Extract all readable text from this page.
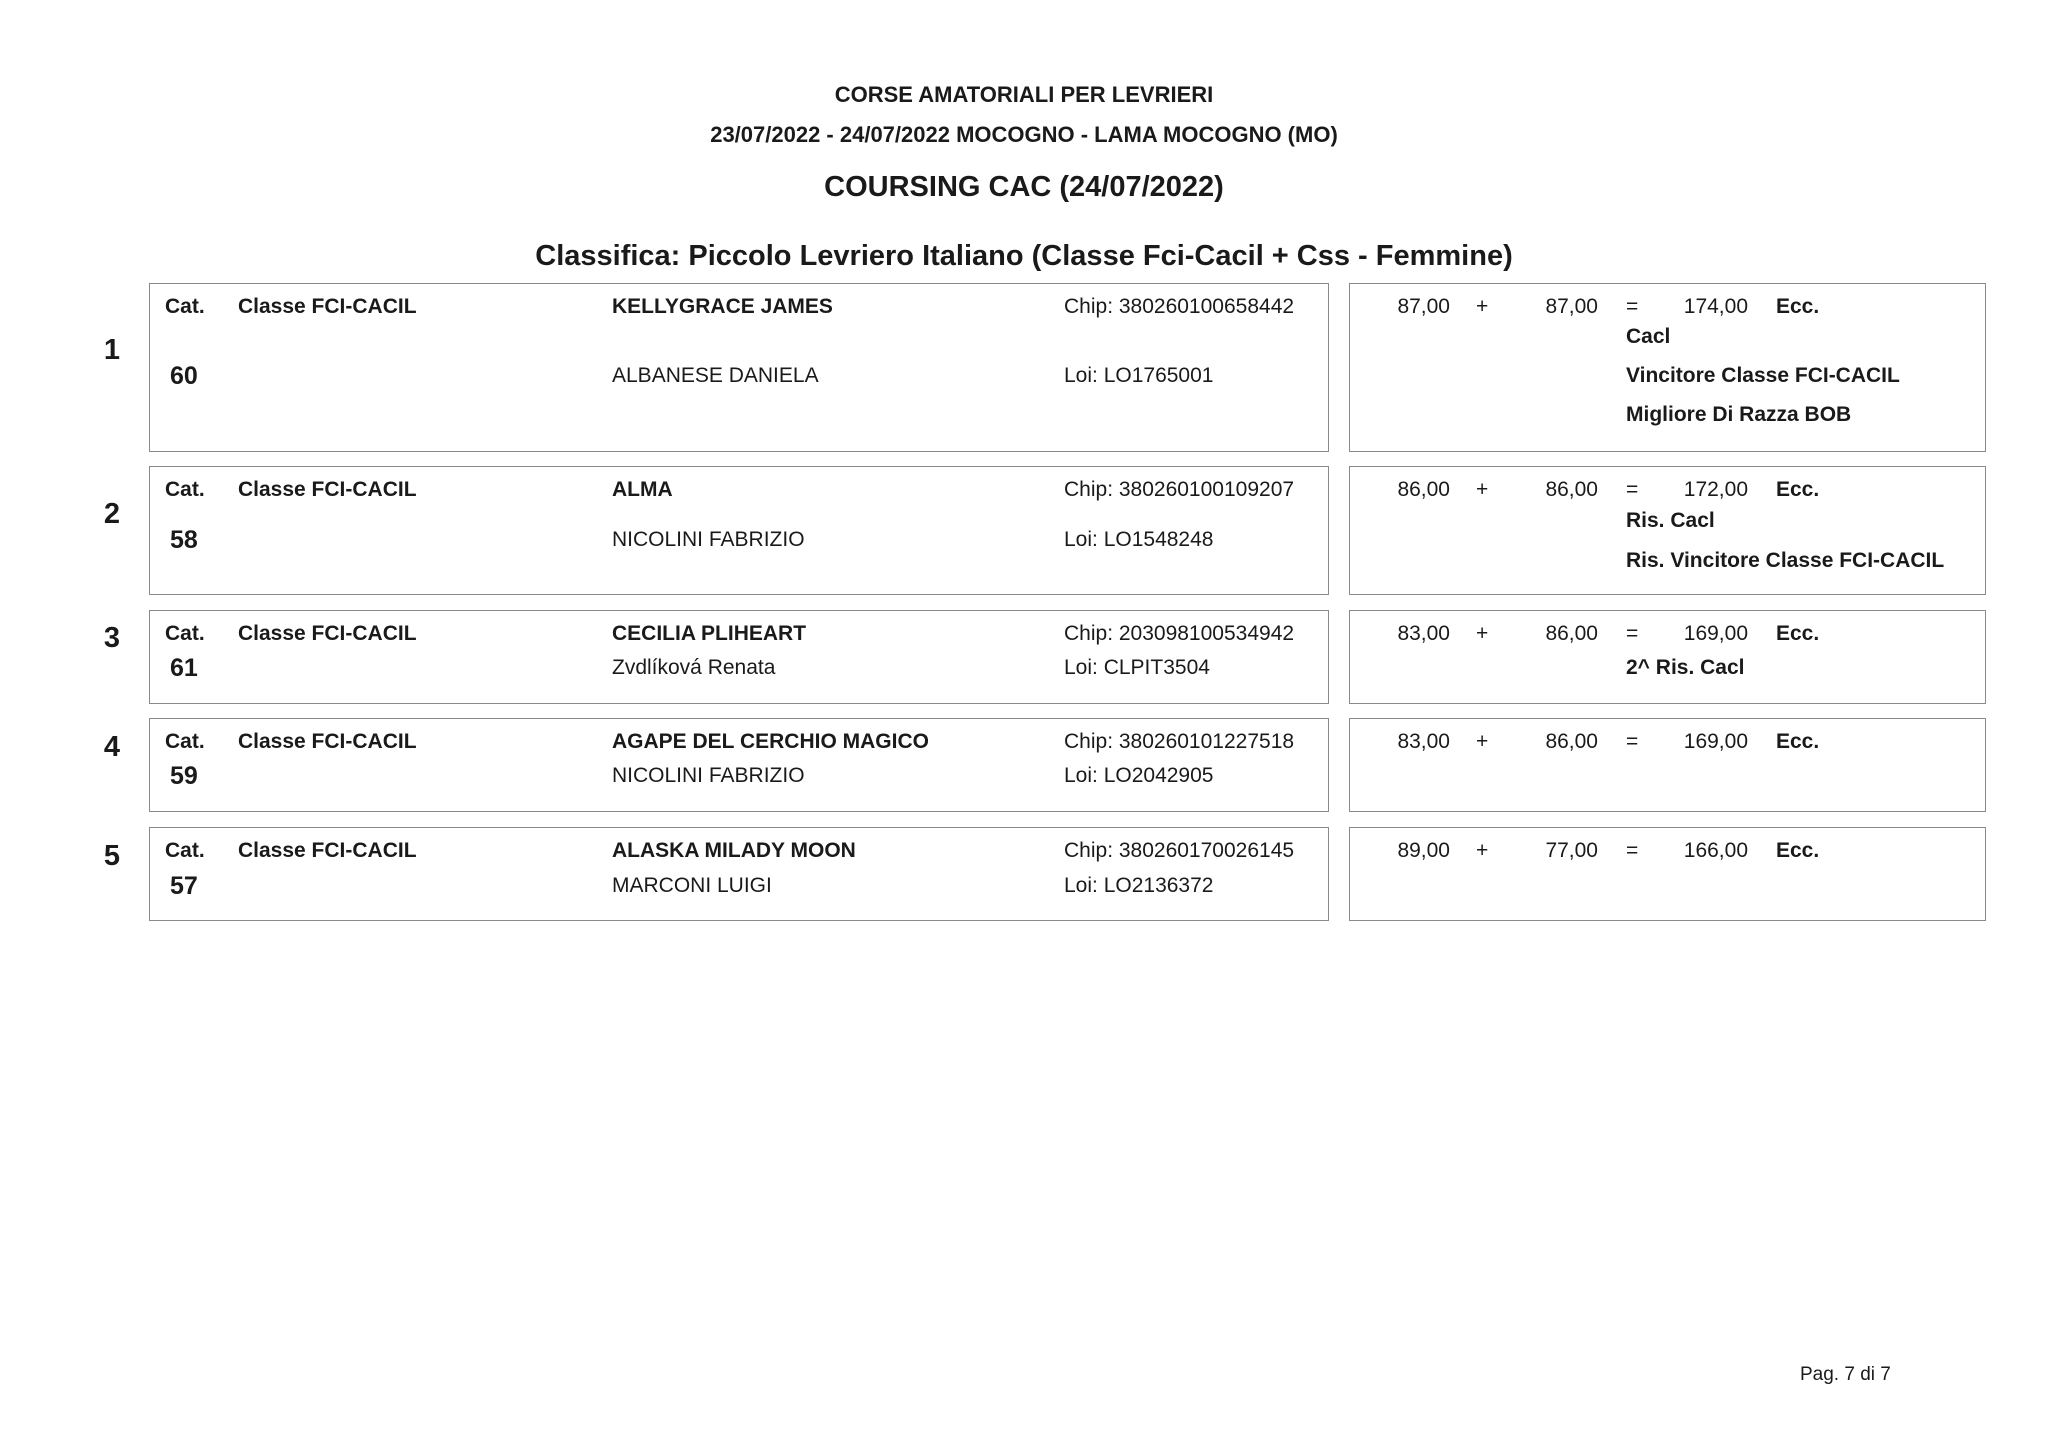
CORSE AMATORIALI PER LEVRIERI
23/07/2022 - 24/07/2022 MOCOGNO - LAMA MOCOGNO (MO)
COURSING CAC (24/07/2022)
Classifica: Piccolo Levriero Italiano (Classe Fci-Cacil + Css - Femmine)
1
Cat. Classe FCI-CACIL	KELLYGRACE JAMES	Chip: 380260100658442
60	ALBANESE DANIELA	Loi: LO1765001
87,00 +	87,00 =	174,00 Ecc.
Cacl
Vincitore Classe FCI-CACIL
Migliore Di Razza BOB
2
Cat. Classe FCI-CACIL	ALMA	Chip: 380260100109207
58	NICOLINI FABRIZIO	Loi: LO1548248
86,00 +	86,00 =	172,00 Ecc.
Ris. Cacl
Ris. Vincitore Classe FCI-CACIL
3 Cat. Classe FCI-CACIL	CECILIA PLIHEART	Chip: 203098100534942
61	Zvdlíková Renata	Loi: CLPIT3504
83,00 +	86,00 =	169,00 Ecc.
2^ Ris. Cacl
4 Cat. Classe FCI-CACIL	AGAPE DEL CERCHIO MAGICO	Chip: 380260101227518
59	NICOLINI FABRIZIO	Loi: LO2042905
83,00 +	86,00 =	169,00 Ecc.
5 Cat. Classe FCI-CACIL	ALASKA MILADY MOON	Chip: 380260170026145
57	MARCONI LUIGI	Loi: LO2136372
89,00 +	77,00 =	166,00 Ecc.
Pag. 7 di 7
